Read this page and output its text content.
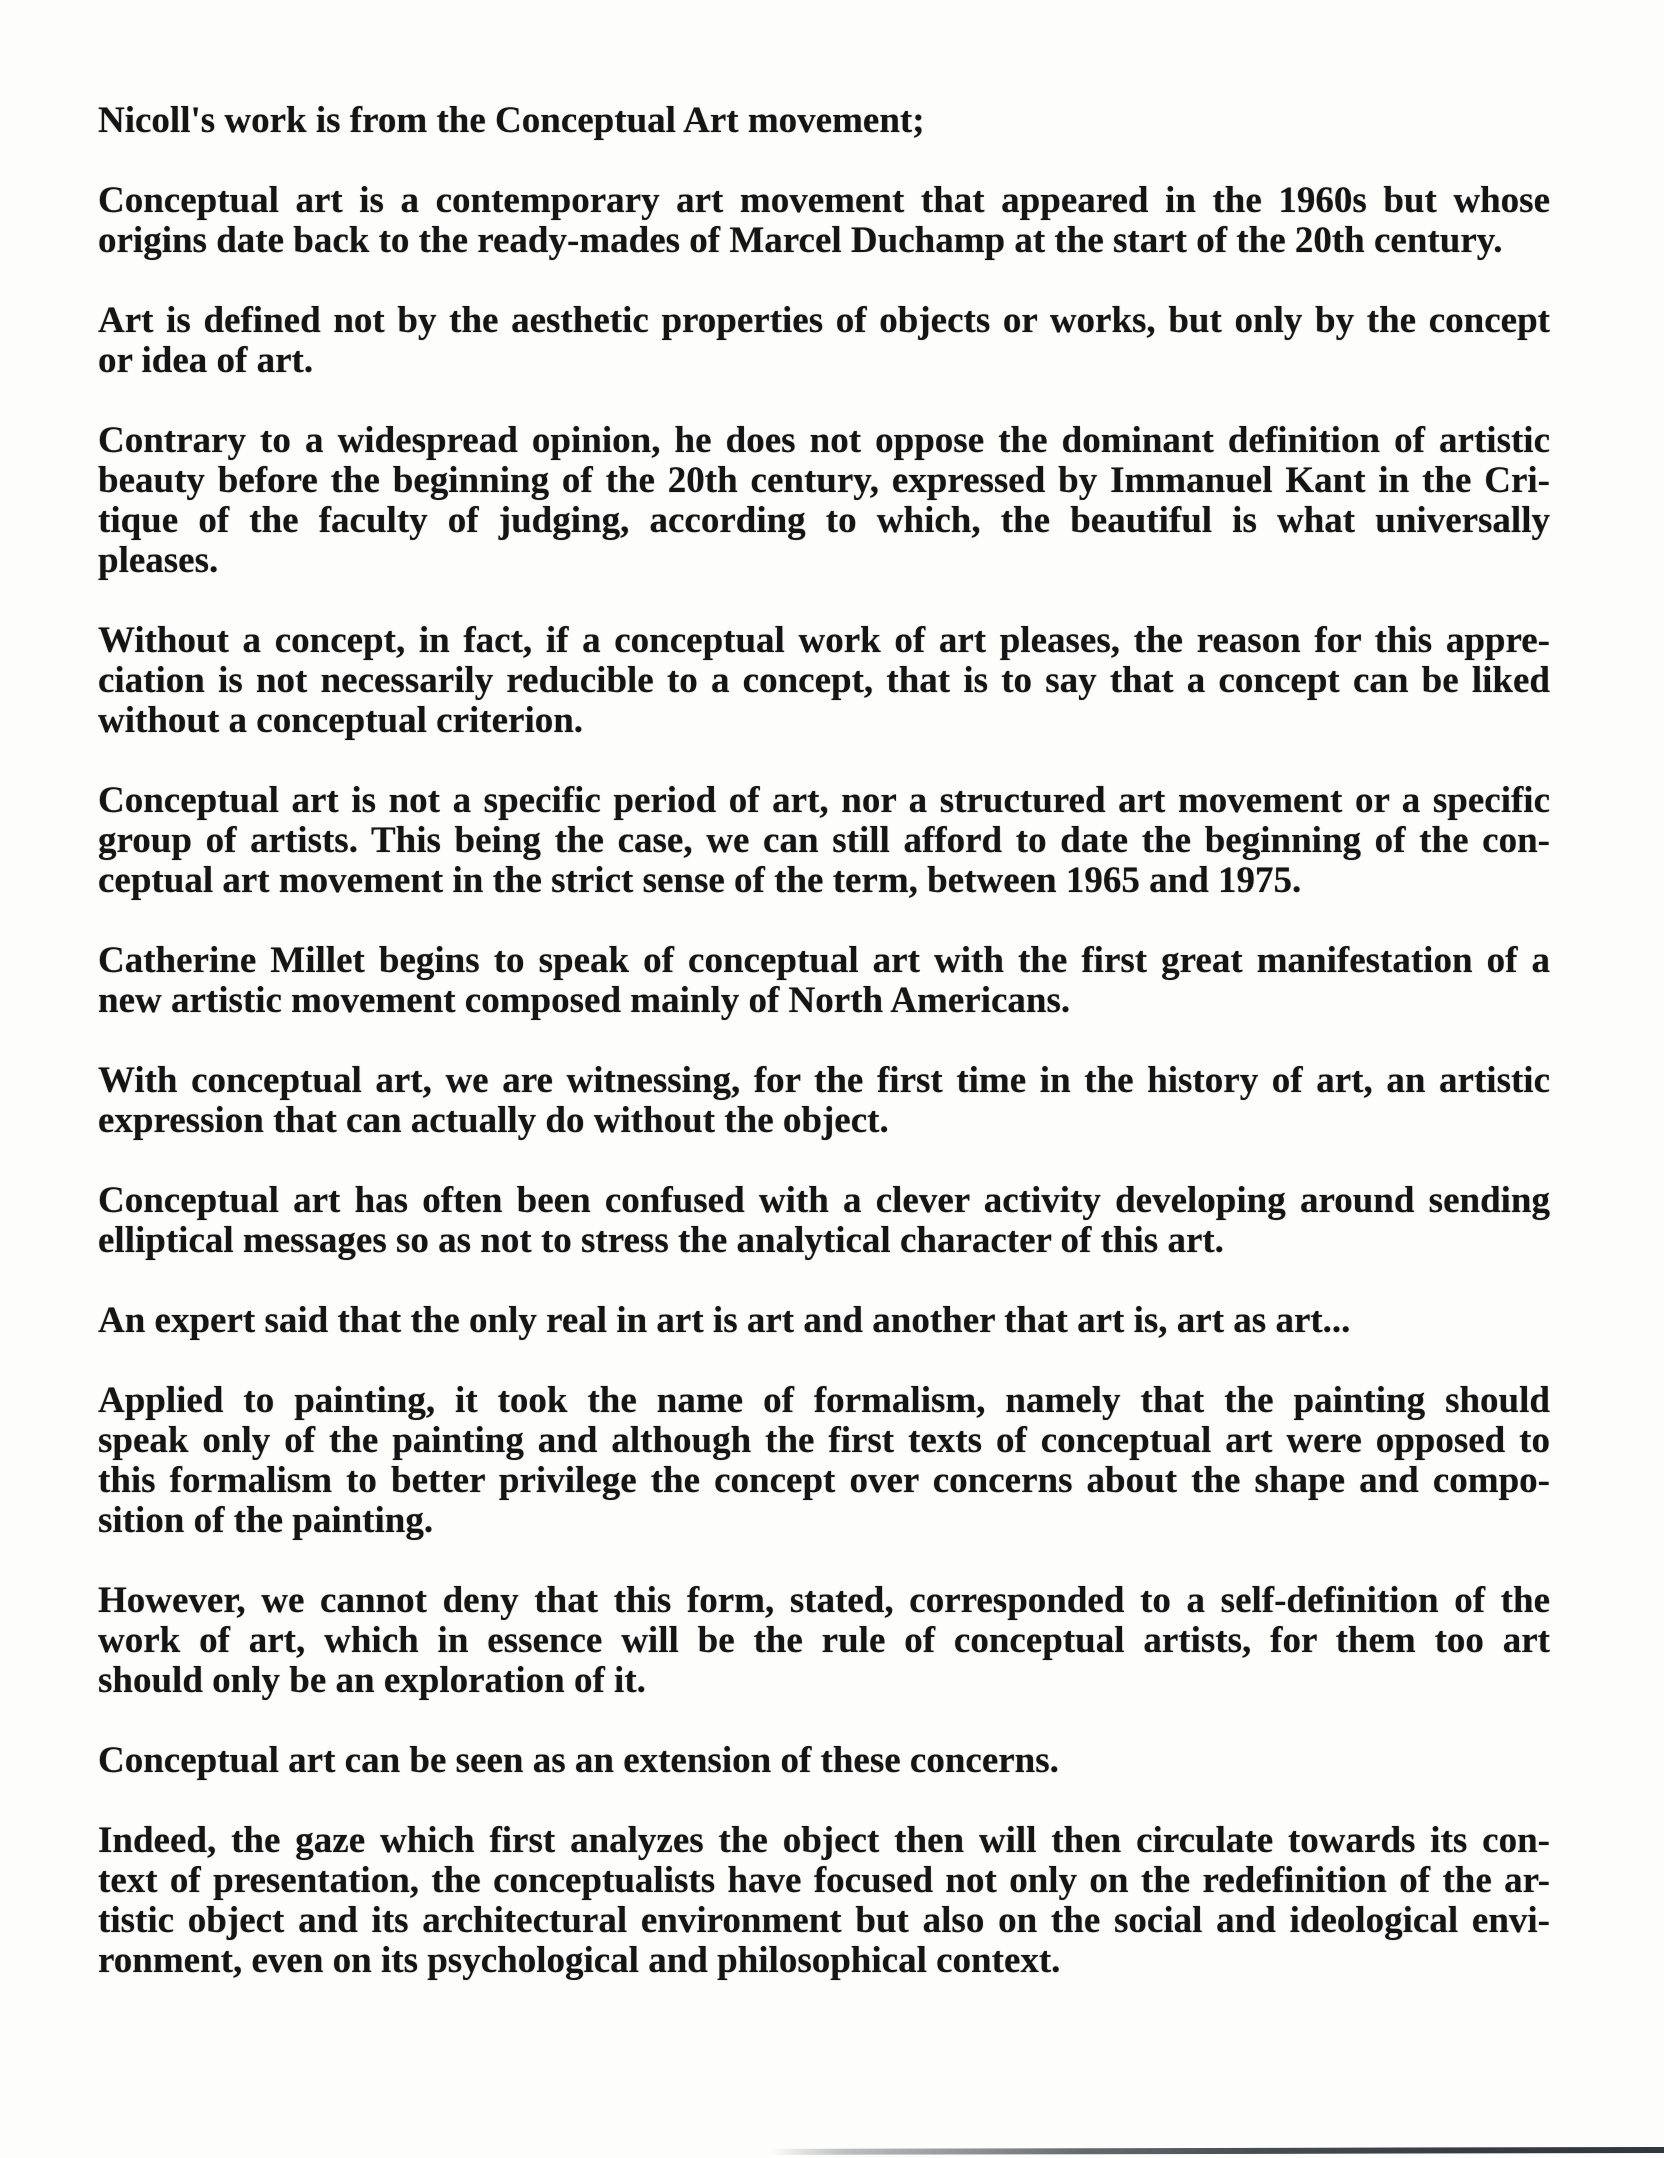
Nicoll's work is from the Conceptual Art movement;

Conceptual art is a contemporary art movement that appeared in the 1960s but whose
origins date back to the ready-mades of Marcel Duchamp at the start of the 20th century.

Art is defined not by the aesthetic properties of objects or works, but only by the concept
or idea of art.

Contrary to a widespread opinion, he does not oppose the dominant definition of artistic
beauty before the beginning of the 20th century, expressed by Immanuel Kant in the Cri-
tique of the faculty of judging, according to which, the beautiful is what universally
pleases.

Without a concept, in fact, if a conceptual work of art pleases, the reason for this appre-
ciation is not necessarily reducible to a concept, that is to say that a concept can be liked
without a conceptual criterion.

Conceptual art is not a specific period of art, nor a structured art movement or a specific
group of artists. This being the case, we can still afford to date the beginning of the con-
ceptual art movement in the strict sense of the term, between 1965 and 1975.

Catherine Millet begins to speak of conceptual art with the first great manifestation of a
new artistic movement composed mainly of North Americans.

With conceptual art, we are witnessing, for the first time in the history of art, an artistic
expression that can actually do without the object.

Conceptual art has often been confused with a clever activity developing around sending
elliptical messages so as not to stress the analytical character of this art.

An expert said that the only real in art is art and another that art is, art as art...

Applied to painting, it took the name of formalism, namely that the painting should
speak only of the painting and although the first texts of conceptual art were opposed to
this formalism to better privilege the concept over concerns about the shape and compo-
sition of the painting.

However, we cannot deny that this form, stated, corresponded to a self-definition of the
work of art, which in essence will be the rule of conceptual artists, for them too art
should only be an exploration of it.

Conceptual art can be seen as an extension of these concerns.

Indeed, the gaze which first analyzes the object then will then circulate towards its con-
text of presentation, the conceptualists have focused not only on the redefinition of the ar-
tistic object and its architectural environment but also on the social and ideological envi-
ronment, even on its psychological and philosophical context.
